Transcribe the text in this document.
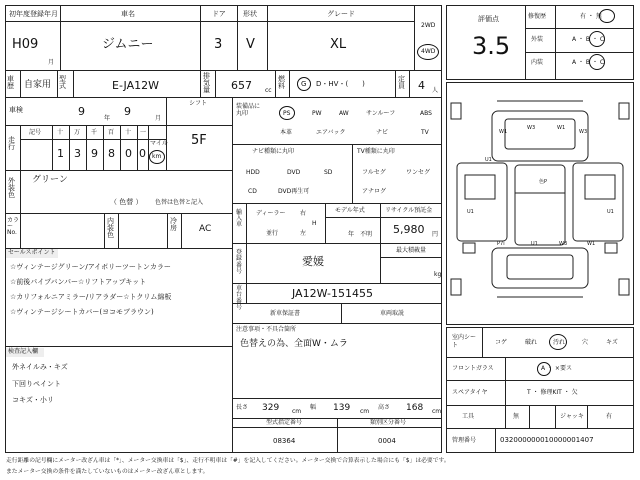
初年度登録年月	車名	ドア 形状	グレード
H09
月
ジムニー	3 V	XL
2WD
4WD
車歴	自家用
型式	E-JA12W
排気量 657 cc
燃料	G D・HV・(　　)
定員 4 人
車検	9
年
9
月
シフト
5F
走行
記号	十 万 千 百 十 一
1 3 9 8 0 0
マイル
km
外装色
グリーン
（ 色替 ） 色替は色替と記入
カラー No.
内装色
冷房	AC
セールスポイント
☆ヴィンテージグリーン/アイボリーツートンカラー
☆前後パイプバンパー☆リフトアップキット
☆カリフォルニアミラー/リアラダー☆トクリム綿板
☆ヴィンテージシートカバー(ヨコモブラウン)
検査記入欄
外ネイルみ・キズ
下回りペイント
コキズ・小リ
装備品に丸印	PS	PW	AW	サンルーフ	ABS
本革	エアバック	ナビ	TV
ナビ種類に丸印
HDD	DVD	SD
CD	DVD再生可
TV種類に丸印
フルセグ	ワンセグ
アナログ
輸入車
ディーラー
並行
右
H
左
モデル年式
年　不明
リサイクル預託金
5,980 円
登録番号
愛媛
最大積載量
kg
車台番号
JA12W-151455
新車保証書	車両取説
注意事項・不具合箇所
色替えの為、全面W・ムラ
長さ 329 cm
幅 139 cm
高さ 168 cm
型式指定番号
08364
類別区分番号
0004
評価点
3.5
修復歴	有 ・ 無
外装	A ・ B ・ C
内装	A ・ B ・ C
W3	W1
W3
W1
U1
U1
色P
P7i	U1	W3	W1
U1
室内シート	コゲ	破れ	汚れ	穴	キズ
フロントガラス	A ・ ×要ス
スペアタイヤ	T ・ 修理KIT ・ 欠
工具	無	ジャッキ	有
管理番号	032000000010000001407
走行距離の記号欄にメーター改ざん車は「*」、メーター交換車は「$」、走行不明車は「#」を記入してください。メーター交換で合算表示した場合にも「$」は必要です。
またメーター交換の条件を満たしていないものはメーター改ざん車とします。
